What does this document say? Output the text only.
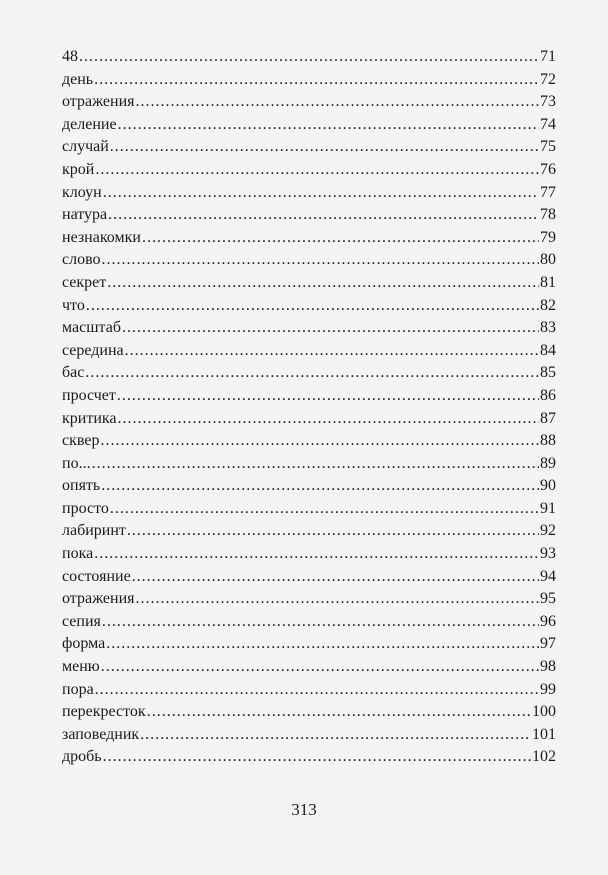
48 .....	71
день .....	72
отражения .....	73
деление .....	74
случай .....	75
крой .....	76
клоун .....	77
натура .....	78
незнакомки .....	79
слово .....	80
секрет .....	81
что .....	82
масштаб .....	83
середина .....	84
бас .....	85
просчет .....	86
критика .....	87
сквер .....	88
по... .....	89
опять .....	90
просто .....	91
лабиринт .....	92
пока .....	93
состояние .....	94
отражения .....	95
сепия .....	96
форма .....	97
меню .....	98
пора .....	99
перекресток .....	100
заповедник .....	101
дробь .....	102
313
